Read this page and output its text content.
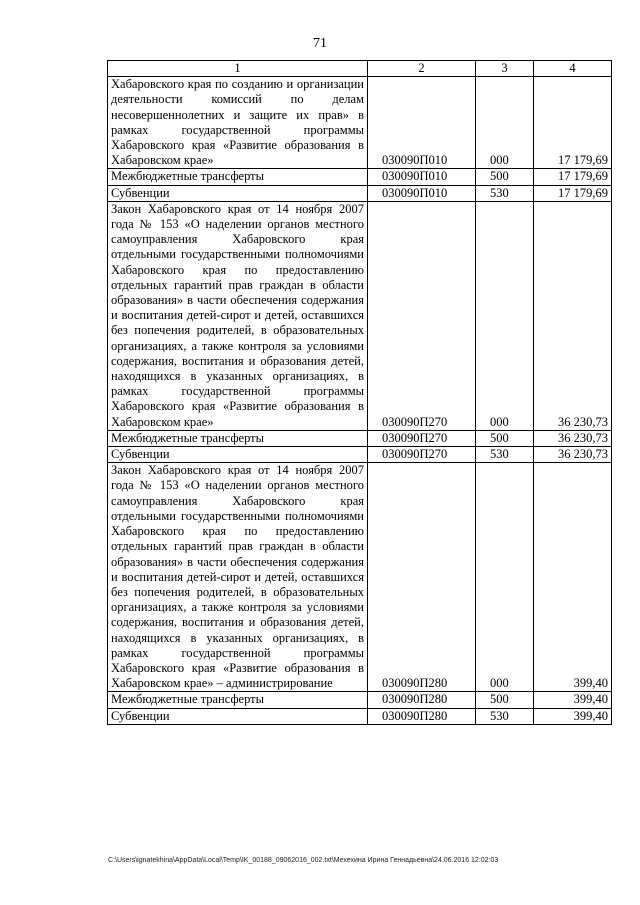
71
1	2	3	4
Хабаровского края по созданию и организации деятельности комиссий по делам несовершеннолетних и защите их прав» в рамках государственной программы Хабаровского края «Развитие образования в Хабаровском крае»	030090П010	000	17 179,69
Межбюджетные трансферты	030090П010	500	17 179,69
Субвенции	030090П010	530	17 179,69
Закон Хабаровского края от 14 ноября 2007 года № 153 «О наделении органов местного самоуправления Хабаровского края отдельными государственными полномочиями Хабаровского края по предоставлению отдельных гарантий прав граждан в области образования» в части обеспечения содержания и воспитания детей-сирот и детей, оставшихся без попечения родителей, в образовательных организациях, а также контроля за условиями содержания, воспитания и образования детей, находящихся в указанных организациях, в рамках государственной программы Хабаровского края «Развитие образования в Хабаровском крае»	030090П270	000	36 230,73
Межбюджетные трансферты	030090П270	500	36 230,73
Субвенции	030090П270	530	36 230,73
Закон Хабаровского края от 14 ноября 2007 года № 153 «О наделении органов местного самоуправления Хабаровского края отдельными государственными полномочиями Хабаровского края по предоставлению отдельных гарантий прав граждан в области образования» в части обеспечения содержания и воспитания детей-сирот и детей, оставшихся без попечения родителей, в образовательных организациях, а также контроля за условиями содержания, воспитания и образования детей, находящихся в указанных организациях, в рамках государственной программы Хабаровского края «Развитие образования в Хабаровском крае» – администрирование	030090П280	000	399,40
Межбюджетные трансферты	030090П280	500	399,40
Субвенции	030090П280	530	399,40
C:\Users\ignatekhina\AppData\Local\Temp\IK_00188_09062016_002.txt\Мехехина Ирина Геннадьевна\24.06.2016 12:02:03
